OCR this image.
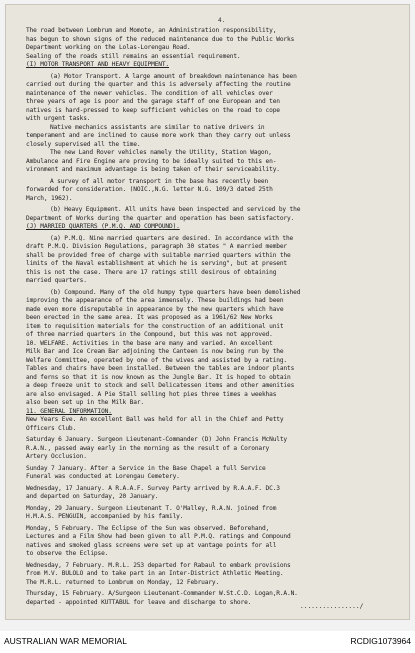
4.
The road between Lombrum and Momote, an Administration responsibility,
has begun to shown signs of the reduced maintenance due to the Public Works
Department working on the Lolas-Lorengau Road.
Sealing of the roads still remains an essential requirement.
(I) MOTOR TRANSPORT AND HEAVY EQUIPMENT.
(a) Motor Transport. A large amount of breakdown maintenance has been
carried out during the quarter and this is adversely affecting the routine
maintenance of the newer vehicles. The condition of all vehicles over
three years of age is poor and the garage staff of one European and ten
natives is hard-pressed to keep sufficient vehicles on the road to cope
with urgent tasks.
Native mechanics assistants are similar to native drivers in
temperament and are inclined to cause more work than they carry out unless
closely supervised all the time.
The new Land Rover vehicles namely the Utility, Station Wagon,
Ambulance and Fire Engine are proving to be ideally suited to this en-
vironment and maximum advantage is being taken of their serviceability.
A survey of all motor transport in the base has recently been
forwarded for consideration. (NOIC.,N.G. letter N.G. 109/3 dated 25th
March, 1962).
(b) Heavy Equipment. All units have been inspected and serviced by the
Department of Works during the quarter and operation has been satisfactory.
(J) MARRIED QUARTERS (P.M.Q. AND COMPOUND).
(a) P.M.Q. Nine married quarters are desired. In accordance with the
draft P.M.Q. Division Regulations, paragraph 30 states " A married member
shall be provided free of charge with suitable married quarters within the
limits of the Naval establishment at which he is serving", but at present
this is not the case. There are 17 ratings still desirous of obtaining
married quarters.
(b) Compound. Many of the old humpy type quarters have been demolished
improving the appearance of the area immensely. These buildings had been
made even more disreputable in appearance by the new quarters which have
been erected in the same area. It was proposed as a 1961/62 New Works
item to requisition materials for the construction of an additional unit
of three married quarters in the Compound, but this was not approved.
10. WELFARE. Activities in the base are many and varied. An excellent
Milk Bar and Ice Cream Bar adjoining the Canteen is now being run by the
Welfare Committee, operated by one of the wives and assisted by a rating.
Tables and chairs have been installed. Between the tables are indoor plants
and ferns so that it is now known as the Jungle Bar. It is hoped to obtain
a deep freeze unit to stock and sell Delicatessen items and other amenities
are also envisaged. A Pie Stall selling hot pies three times a weekhas
also been set up in the Milk Bar.
11. GENERAL INFORMATION.
New Years Eve. An excellent Ball was held for all in the Chief and Petty
Officers Club.
Saturday 6 January. Surgeon Lieutenant-Commander (D) John Francis McNulty
R.A.N., passed away early in the morning as the result of a Coronary
Artery Occlusion.
Sunday 7 January. After a Service in the Base Chapel a full Service
Funeral was conducted at Lorengau Cemetery.
Wednesday, 17 January. A R.A.A.F. Survey Party arrived by R.A.A.F. DC.3
and departed on Saturday, 20 January.
Monday, 29 January. Surgeon Lieutenant T. O'Malley, R.A.N. joined from
H.M.A.S. PENGUIN, accompanied by his family.
Monday, 5 February. The Eclipse of the Sun was observed. Beforehand,
Lectures and a Film Show had been given to all P.M.Q. ratings and Compound
natives and smoked glass screens were set up at vantage points for all
to observe the Eclipse.
Wednesday, 7 February. M.R.L. 253 departed for Rabaul to embark provisions
from M.V. BULOLO and to take part in an Inter-District Athletic Meeting.
The M.R.L. returned to Lombrum on Monday, 12 February.
Thursday, 15 February. A/Surgeon Lieutenant-Commander W.St.C.D. Logan,R.A.N.
departed - appointed KUTTABUL for leave and discharge to shore.
................/
AUSTRALIAN WAR MEMORIAL	RCDIG1073964
